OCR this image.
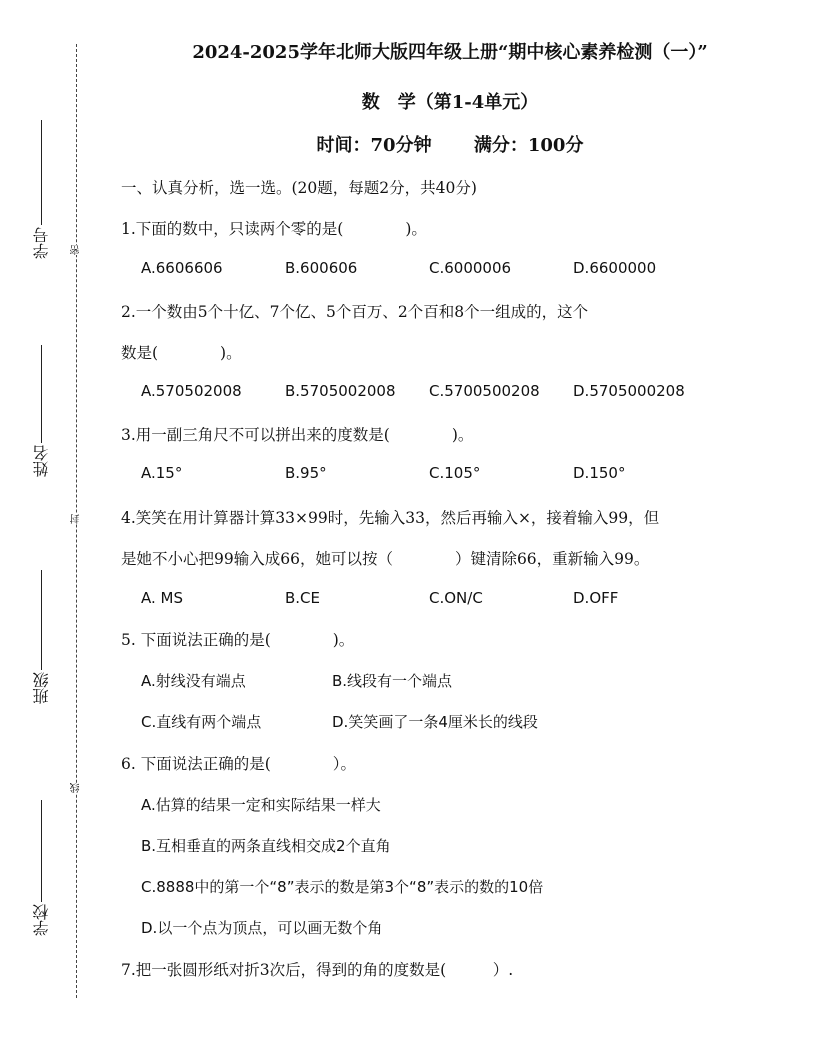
学号
姓名
班级
学校
密
封
线
2024-2025学年北师大版四年级上册“期中核心素养检测（一）”
数　学（第1-4单元）
时间：70分钟 满分：100分
一、认真分析，选一选。(20题，每题2分，共40分)
1.下面的数中，只读两个零的是(　　　　)。
A.6606606	B.600606	C.6000006	D.6600000
2.一个数由5个十亿、7个亿、5个百万、2个百和8个一组成的，这个
数是(　　　　)。
A.570502008	B.5705002008 C.5700500208 D.5705000208
3.用一副三角尺不可以拼出来的度数是(　　　　)。
A.15°	B.95°	C.105°	D.150°
4.笑笑在用计算器计算33×99时，先输入33，然后再输入×，接着输入99，但
是她不小心把99输入成66，她可以按（　　　　）键清除66，重新输入99。
A. MS	B.CE	C.ON/C	D.OFF
5. 下面说法正确的是(　　　　)。
A.射线没有端点	B.线段有一个端点
C.直线有两个端点	D.笑笑画了一条4厘米长的线段
6. 下面说法正确的是(　　　　）。
A.估算的结果一定和实际结果一样大
B.互相垂直的两条直线相交成2个直角
C.8888中的第一个“8”表示的数是第3个“8”表示的数的10倍
D.以一个点为顶点，可以画无数个角
7.把一张圆形纸对折3次后，得到的角的度数是(　　　）.
